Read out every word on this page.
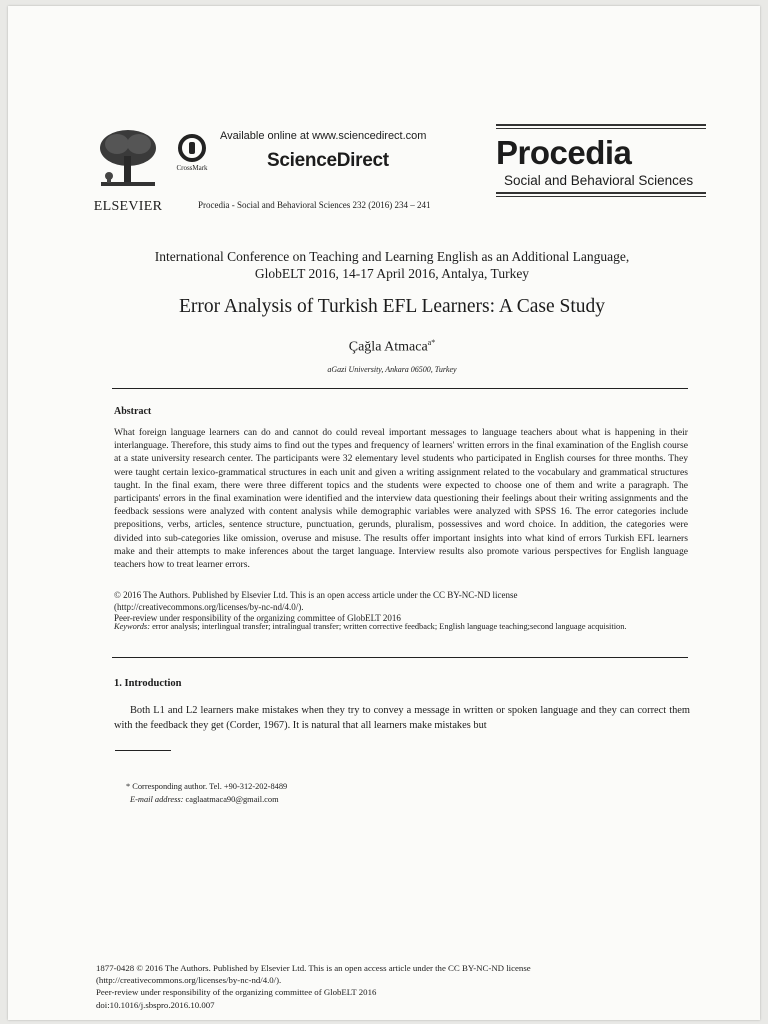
ELSEVIER
CrossMark
Available online at www.sciencedirect.com
ScienceDirect
Procedia - Social and Behavioral Sciences 232 (2016) 234 – 241
Procedia
Social and Behavioral Sciences
International Conference on Teaching and Learning English as an Additional Language,
GlobELT 2016, 14-17 April 2016, Antalya, Turkey
Error Analysis of Turkish EFL Learners: A Case Study
Çağla Atmaca$^{a*}$
aGazi University, Ankara 06500, Turkey
Abstract
What foreign language learners can do and cannot do could reveal important messages to language teachers about what is happening in their interlanguage. Therefore, this study aims to find out the types and frequency of learners' written errors in the final examination of the English course at a state university research center. The participants were 32 elementary level students who participated in English courses for three months. They were taught certain lexico-grammatical structures in each unit and given a writing assignment related to the vocabulary and grammatical structures taught. In the final exam, there were three different topics and the students were expected to choose one of them and write a paragraph. The participants' errors in the final examination were identified and the interview data questioning their feelings about their writing assignments and the feedback sessions were analyzed with content analysis while demographic variables were analyzed with SPSS 16. The error categories include prepositions, verbs, articles, sentence structure, punctuation, gerunds, pluralism, possessives and word choice. In addition, the categories were divided into sub-categories like omission, overuse and misuse. The results offer important insights into what kind of errors Turkish EFL learners make and their attempts to make inferences about the target language. Interview results also promote various perspectives for English language teachers how to treat learner errors.
© 2016 The Authors. Published by Elsevier Ltd. This is an open access article under the CC BY-NC-ND license
(http://creativecommons.org/licenses/by-nc-nd/4.0/).
Peer-review under responsibility of the organizing committee of GlobELT 2016
Keywords: error analysis; interlingual transfer; intralingual transfer; written corrective feedback; English language teaching;second language acquisition.
1. Introduction
Both L1 and L2 learners make mistakes when they try to convey a message in written or spoken language and they can correct them with the feedback they get (Corder, 1967). It is natural that all learners make mistakes but
* Corresponding author. Tel. +90-312-202-8489
E-mail address: caglaatmaca90@gmail.com
1877-0428 © 2016 The Authors. Published by Elsevier Ltd. This is an open access article under the CC BY-NC-ND license
(http://creativecommons.org/licenses/by-nc-nd/4.0/).
Peer-review under responsibility of the organizing committee of GlobELT 2016
doi:10.1016/j.sbspro.2016.10.007
